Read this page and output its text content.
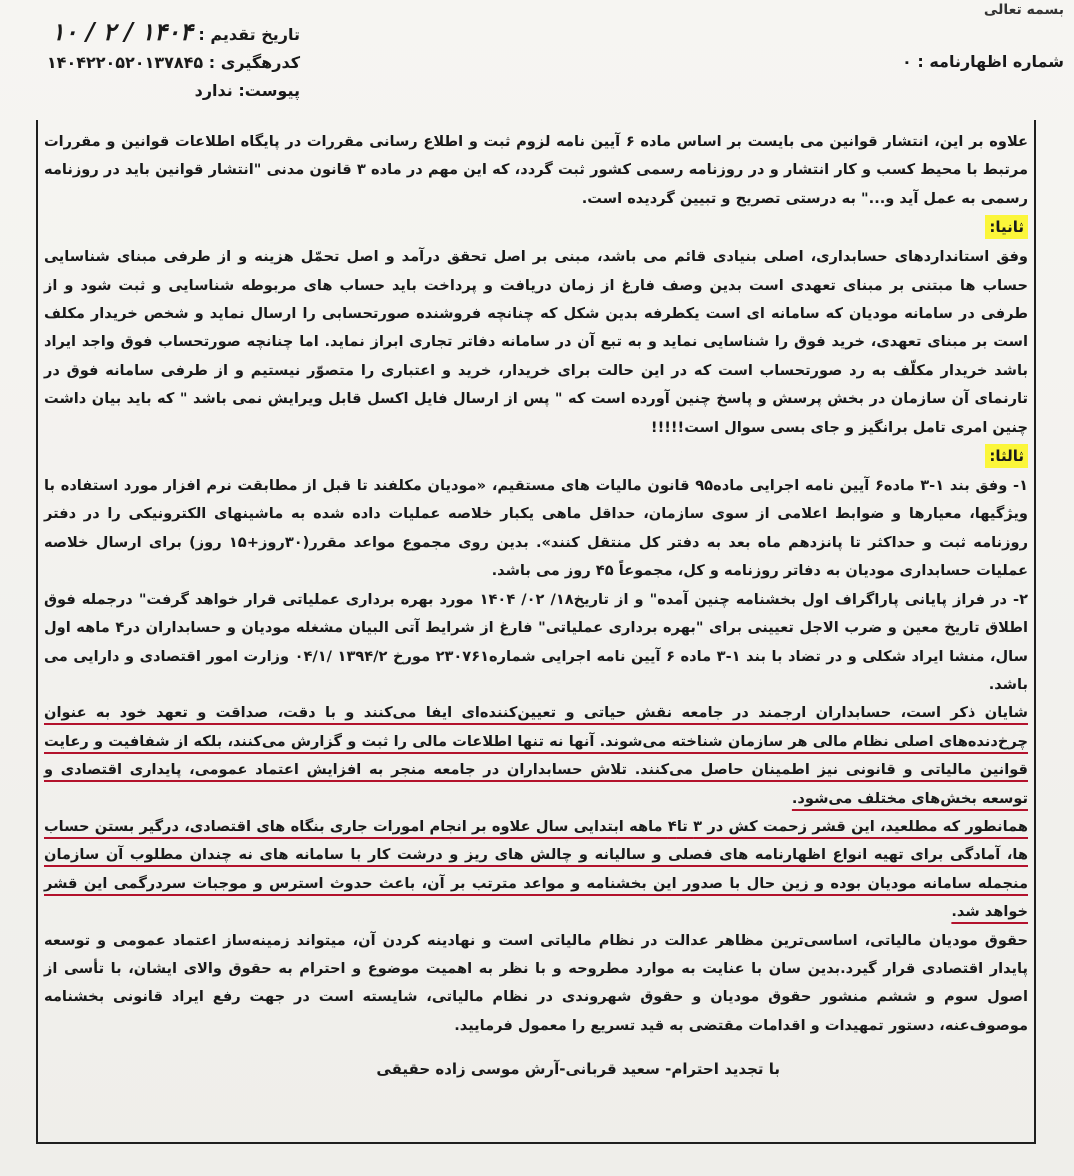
بسمه تعالی
شماره اظهارنامه : ۰
تاریخ تقدیم : ۱۴۰۴ / ۲ / ۱۰
کدرهگیری : ۱۴۰۴۲۲۰۵۲۰۱۳۷۸۴۵
پیوست: ندارد

علاوه بر این، انتشار قوانین می بایست بر اساس ماده ۶ آیین نامه لزوم ثبت و اطلاع رسانی مقررات در پایگاه اطلاعات قوانین و مقررات مرتبط با محیط کسب و کار انتشار و در روزنامه رسمی کشور ثبت گردد، که این مهم در ماده ۳ قانون مدنی "انتشار قوانین باید در روزنامه رسمی به عمل آید و..." به درستی تصریح و تبیین گردیده است.

ثانیا:

وفق استانداردهای حسابداری، اصلی بنیادی قائم می باشد، مبنی بر اصل تحقق درآمد و اصل تحمّل هزینه و از طرفی مبنای شناسایی حساب ها مبتنی بر مبنای تعهدی است بدین وصف فارغ از زمان دریافت و پرداخت باید حساب های مربوطه شناسایی و ثبت شود و از طرفی در سامانه مودیان که سامانه ای است یکطرفه بدین شکل که چنانچه فروشنده صورتحسابی را ارسال نماید و شخص خریدار مکلف است بر مبنای تعهدی، خرید فوق را شناسایی نماید و به تبع آن در سامانه دفاتر تجاری ابراز نماید. اما چنانچه صورتحساب فوق واجد ایراد باشد خریدار مکلّف به رد صورتحساب است که در این حالت برای خریدار، خرید و اعتباری را متصوّر نیستیم و از طرفی سامانه فوق در تارنمای آن سازمان در بخش پرسش و پاسخ چنین آورده است که " پس از ارسال فایل اکسل قابل ویرایش نمی باشد " که باید بیان داشت چنین امری تامل برانگیز و جای بسی سوال است!!!!!

ثالثا:

۱- وفق بند ۱-۳ ماده۶ آیین نامه اجرایی ماده۹۵ قانون مالیات های مستقیم، «مودیان مکلفند تا قبل از مطابقت نرم افزار مورد استفاده با ویژگیها، معیارها و ضوابط اعلامی از سوی سازمان، حداقل ماهی یکبار خلاصه عملیات داده شده به ماشینهای الکترونیکی را در دفتر روزنامه ثبت و حداکثر تا پانزدهم ماه بعد به دفتر کل منتقل کنند». بدین روی مجموع مواعد مقرر(۳۰روز+۱۵ روز) برای ارسال خلاصه عملیات حسابداری مودیان به دفاتر روزنامه و کل، مجموعاً ۴۵ روز می باشد.

۲- در فراز پایانی پاراگراف اول بخشنامه چنین آمده" و از تاریخ۱۸/ ۰۲/ ۱۴۰۴ مورد بهره برداری عملیاتی قرار خواهد گرفت" درجمله فوق اطلاق تاریخ معین و ضرب الاجل تعیینی برای "بهره برداری عملیاتی" فارغ از شرایط آتی البیان مشغله مودیان و حسابداران در۴ ماهه اول سال، منشا ایراد شکلی و در تضاد با بند ۱-۳ ماده ۶ آیین نامه اجرایی شماره۲۳۰۷۶۱ مورخ ۱۳۹۴/۲ /۰۴/۱ وزارت امور اقتصادی و دارایی می باشد.

شایان ذکر است، حسابداران ارجمند در جامعه نقش حیاتی و تعیین‌کننده‌ای ایفا می‌کنند و با دقت، صداقت و تعهد خود به عنوان چرخ‌دنده‌های اصلی نظام مالی هر سازمان شناخته می‌شوند. آنها نه تنها اطلاعات مالی را ثبت و گزارش می‌کنند، بلکه از شفافیت و رعایت قوانین مالیاتی و قانونی نیز اطمینان حاصل می‌کنند. تلاش حسابداران در جامعه منجر به افزایش اعتماد عمومی، پایداری اقتصادی و توسعه بخش‌های مختلف می‌شود.

همانطور که مطلعید، این قشر زحمت کش در ۳ تا۴ ماهه ابتدایی سال علاوه بر انجام امورات جاری بنگاه های اقتصادی، درگیر بستن حساب ها، آمادگی برای تهیه انواع اظهارنامه های فصلی و سالیانه و چالش های ریز و درشت کار با سامانه های نه چندان مطلوب آن سازمان منجمله سامانه مودیان بوده و زین حال با صدور این بخشنامه و مواعد مترتب بر آن، باعث حدوث استرس و موجبات سردرگمی این قشر خواهد شد.

حقوق مودیان مالیاتی، اساسی‌ترین مظاهر عدالت در نظام مالیاتی است و نهادینه کردن آن، میتواند زمینه‌ساز اعتماد عمومی و توسعه پایدار اقتصادی قرار گیرد.بدین سان با عنایت به موارد مطروحه و با نظر به اهمیت موضوع و احترام به حقوق والای ایشان، با تأسی از اصول سوم و ششم منشور حقوق مودیان و حقوق شهروندی در نظام مالیاتی، شایسته است در جهت رفع ایراد قانونی بخشنامه موصوف‌عنه، دستور تمهیدات و اقدامات مقتضی به قید تسریع را معمول فرمایید.

با تجدید احترام- سعید قربانی-آرش موسی زاده حقیقی
